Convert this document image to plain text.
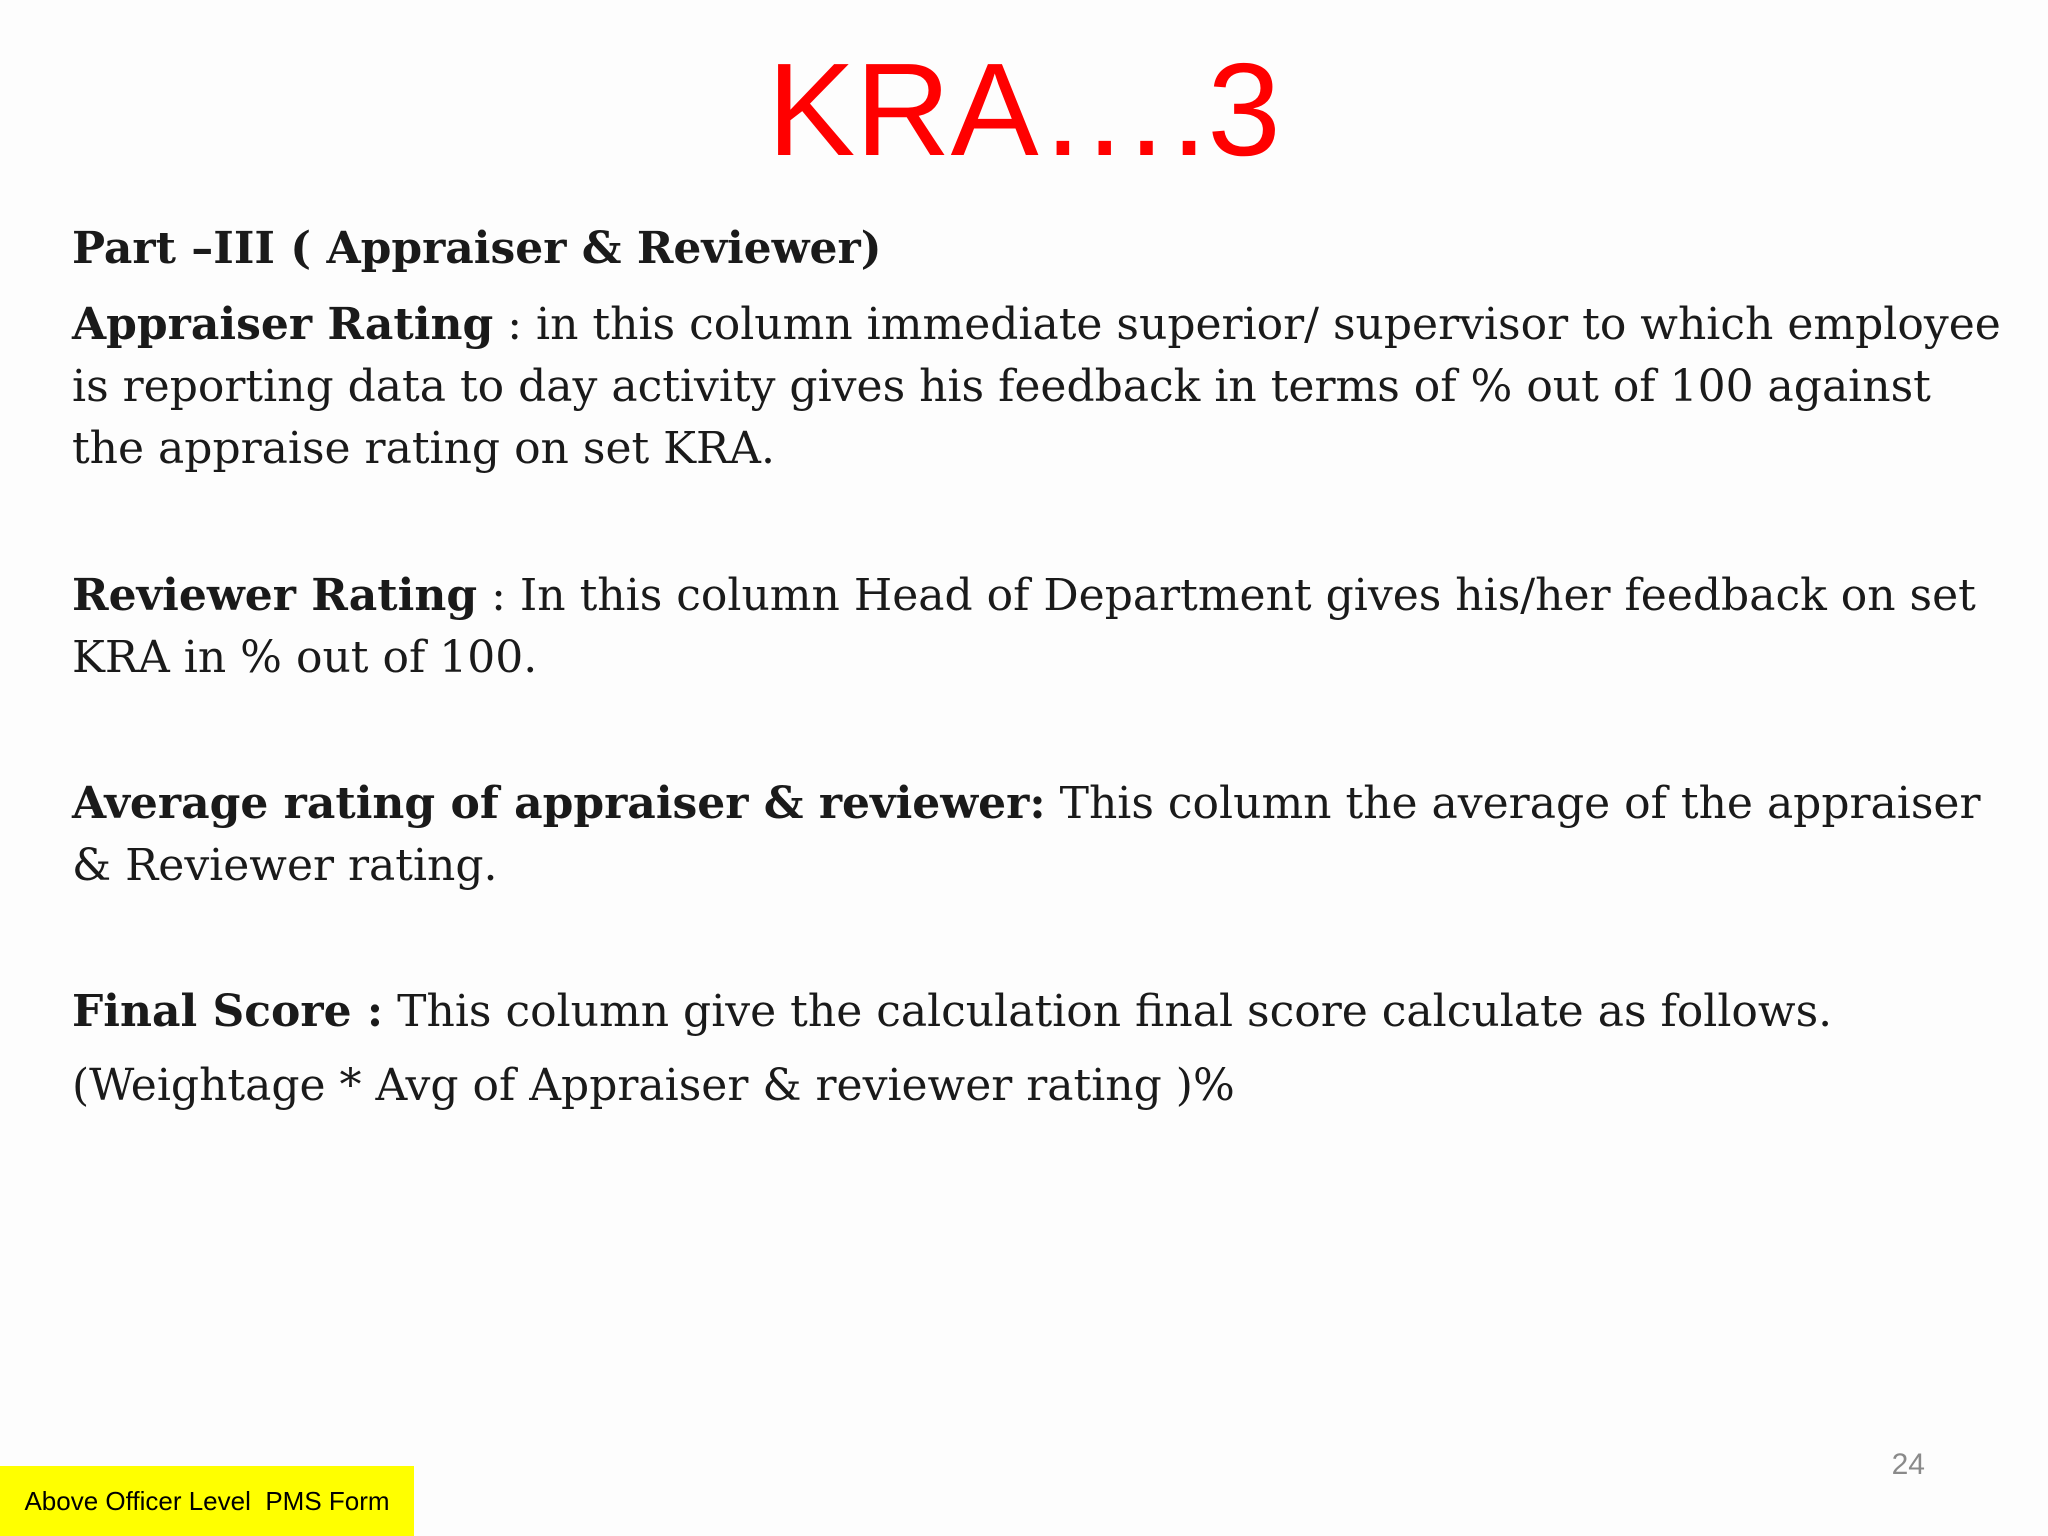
KRA….3

Part –III ( Appraiser & Reviewer)

Appraiser Rating : in this column immediate superior/ supervisor to which employee is reporting data to day activity gives his feedback in terms of % out of 100 against the appraise rating on set KRA.

Reviewer Rating : In this column Head of Department gives his/her feedback on set KRA in % out of 100.

Average rating of appraiser & reviewer: This column the average of the appraiser & Reviewer rating.

Final Score : This column give the calculation final score calculate as follows.

(Weightage * Avg of Appraiser & reviewer rating )%

24
Above Officer Level  PMS Form
